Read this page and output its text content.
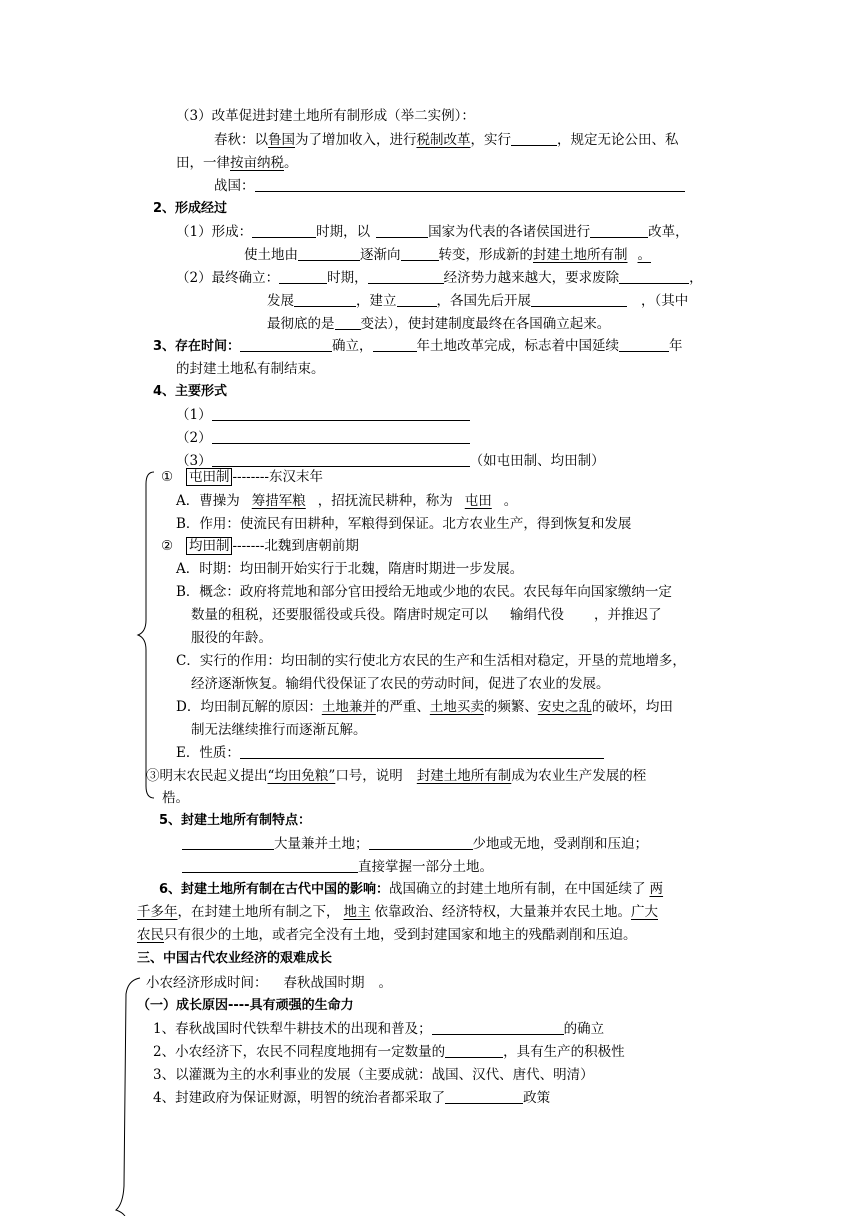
（3）改革促进封建土地所有制形成（举二实例）：
春秋：以鲁国为了增加收入，进行税制改革，实行	，规定无论公田、私
田，一律按亩纳税。
战国：
2、形成经过
（1）形成：	时期，以	国家为代表的各诸侯国进行	改革，
使土地由	逐渐向	转变，形成新的封建土地所有制 。
（2）最终确立：	时期，	经济势力越来越大，要求废除	，
发展	，建立	，各国先后开展	，（其中
最彻底的是 变法），使封建制度最终在各国确立起来。
3、存在时间：	确立，	年土地改革完成，标志着中国延续	年
的封建土地私有制结束。
4、主要形式
（1）
（2）
（3）	（如屯田制、均田制）
① 屯田制 --------东汉末年
A．曹操为 筹措军粮 ，招抚流民耕种，称为 屯田 。
B．作用：使流民有田耕种，军粮得到保证。北方农业生产，得到恢复和发展
② 均田制 -------北魏到唐朝前期
A．时期：均田制开始实行于北魏，隋唐时期进一步发展。
B．概念：政府将荒地和部分官田授给无地或少地的农民。农民每年向国家缴纳一定
数量的租税，还要服徭役或兵役。隋唐时规定可以 输绢代役 ，并推迟了
服役的年龄。
C．实行的作用：均田制的实行使北方农民的生产和生活相对稳定，开垦的荒地增多，
经济逐渐恢复。输绢代役保证了农民的劳动时间，促进了农业的发展。
D．均田制瓦解的原因：土地兼并的严重、土地买卖的频繁、安史之乱的破坏，均田
制无法继续推行而逐渐瓦解。
E．性质：
③明末农民起义提出“均田免粮”口号，说明 封建土地所有制成为农业生产发展的桎
梏。
5、封建土地所有制特点：
大量兼并土地；	少地或无地，受剥削和压迫；
直接掌握一部分土地。
6、封建土地所有制在古代中国的影响：战国确立的封建土地所有制，在中国延续了 两
千多年，在封建土地所有制之下， 地主 依靠政治、经济特权，大量兼并农民土地。广大
农民只有很少的土地，或者完全没有土地，受到封建国家和地主的残酷剥削和压迫。
三、中国古代农业经济的艰难成长
小农经济形成时间： 春秋战国时期 。
（一）成长原因----具有顽强的生命力
1、春秋战国时代铁犁牛耕技术的出现和普及；	的确立
2、小农经济下，农民不同程度地拥有一定数量的	，具有生产的积极性
3、以灌溉为主的水利事业的发展（主要成就：战国、汉代、唐代、明清）
4、封建政府为保证财源，明智的统治者都采取了	政策
